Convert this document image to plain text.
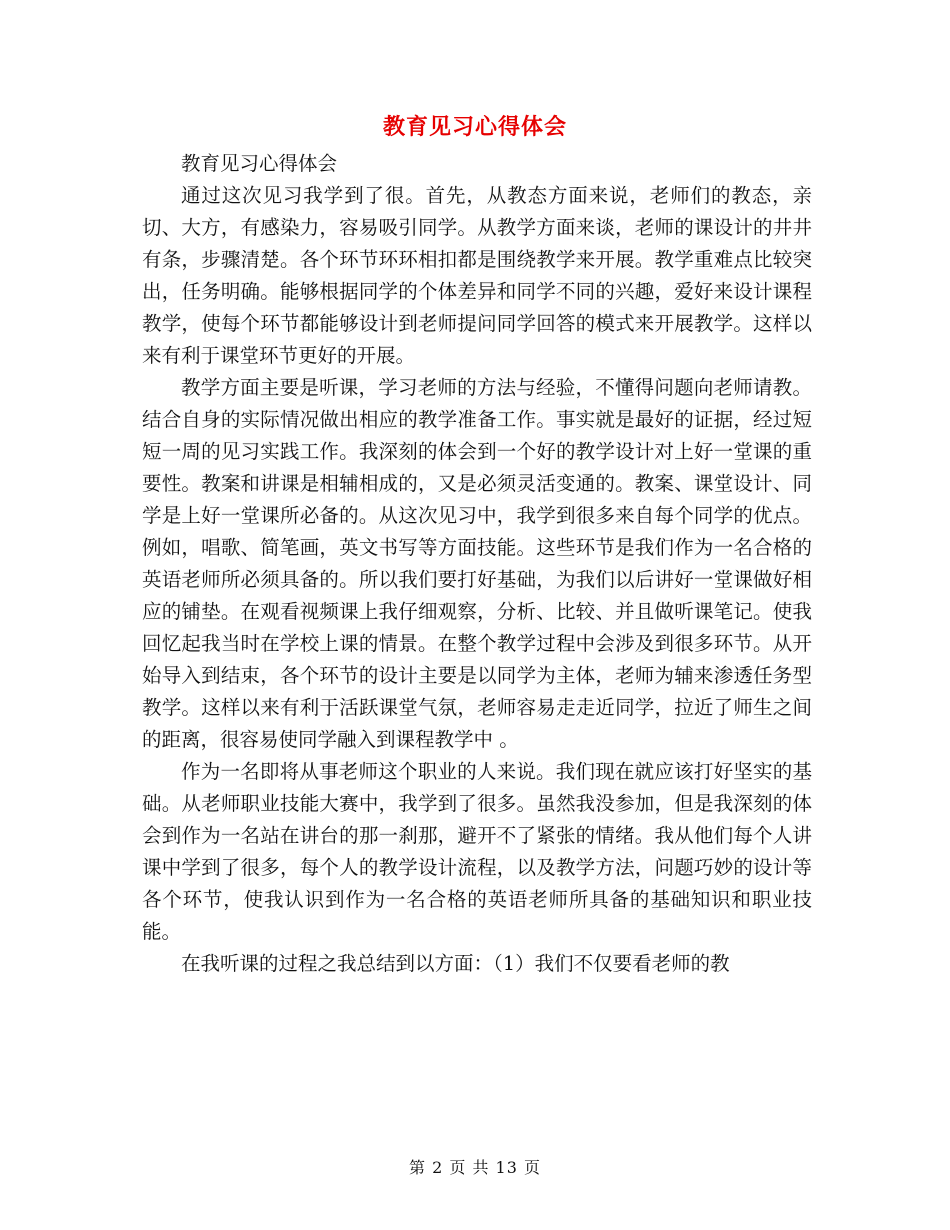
教育见习心得体会

教育见习心得体会

通过这次见习我学到了很。首先，从教态方面来说，老师们的教态，亲切、大方，有感染力，容易吸引同学。从教学方面来谈，老师的课设计的井井有条，步骤清楚。各个环节环环相扣都是围绕教学来开展。教学重难点比较突出，任务明确。能够根据同学的个体差异和同学不同的兴趣，爱好来设计课程教学，使每个环节都能够设计到老师提问同学回答的模式来开展教学。这样以来有利于课堂环节更好的开展。

教学方面主要是听课，学习老师的方法与经验，不懂得问题向老师请教。结合自身的实际情况做出相应的教学准备工作。事实就是最好的证据，经过短短一周的见习实践工作。我深刻的体会到一个好的教学设计对上好一堂课的重要性。教案和讲课是相辅相成的，又是必须灵活变通的。教案、课堂设计、同学是上好一堂课所必备的。从这次见习中，我学到很多来自每个同学的优点。例如，唱歌、简笔画，英文书写等方面技能。这些环节是我们作为一名合格的英语老师所必须具备的。所以我们要打好基础，为我们以后讲好一堂课做好相应的铺垫。在观看视频课上我仔细观察，分析、比较、并且做听课笔记。使我回忆起我当时在学校上课的情景。在整个教学过程中会涉及到很多环节。从开始导入到结束，各个环节的设计主要是以同学为主体，老师为辅来渗透任务型教学。这样以来有利于活跃课堂气氛，老师容易走走近同学，拉近了师生之间的距离，很容易使同学融入到课程教学中 。

作为一名即将从事老师这个职业的人来说。我们现在就应该打好坚实的基础。从老师职业技能大赛中，我学到了很多。虽然我没参加，但是我深刻的体会到作为一名站在讲台的那一刹那，避开不了紧张的情绪。我从他们每个人讲课中学到了很多，每个人的教学设计流程，以及教学方法，问题巧妙的设计等各个环节，使我认识到作为一名合格的英语老师所具备的基础知识和职业技能。

在我听课的过程之我总结到以方面：（1）我们不仅要看老师的教

第 2 页 共 13 页
